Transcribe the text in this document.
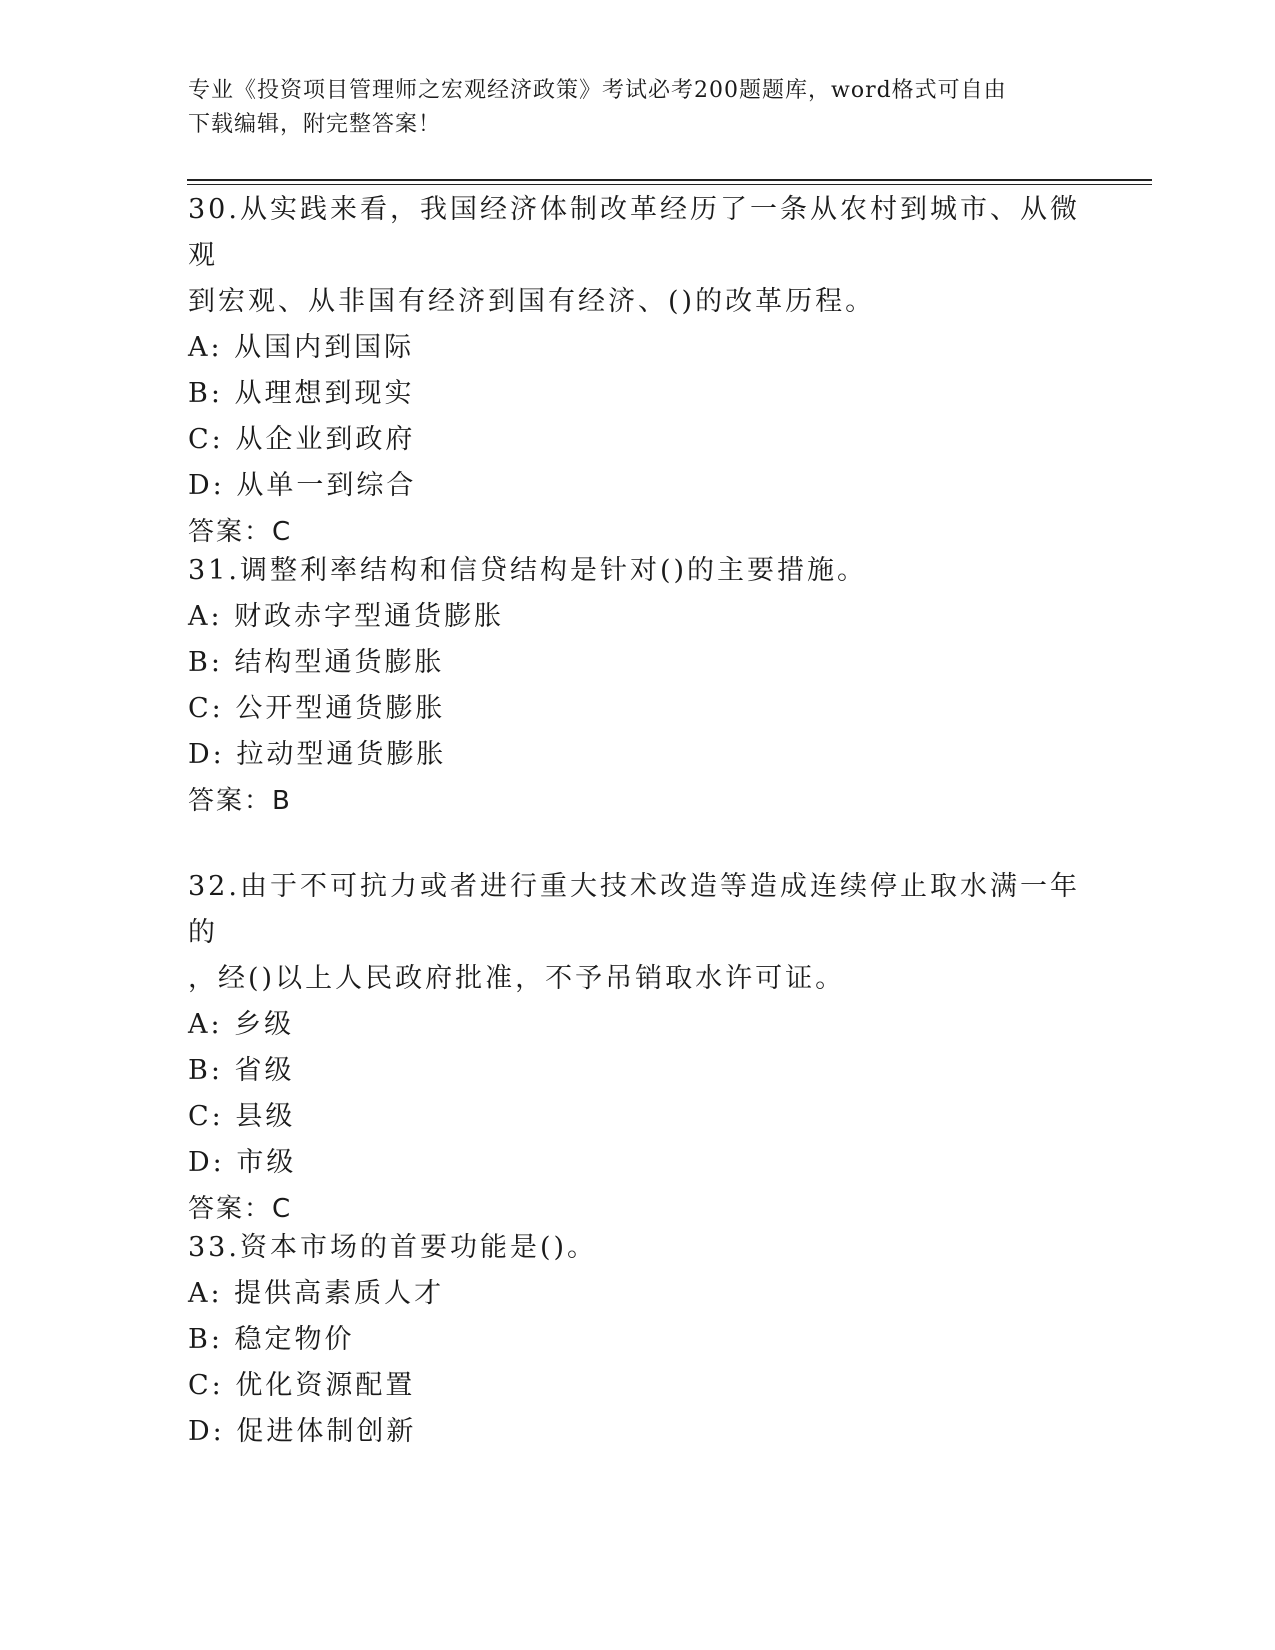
专业《投资项目管理师之宏观经济政策》考试必考200题题库，word格式可自由
下载编辑，附完整答案！

30.从实践来看，我国经济体制改革经历了一条从农村到城市、从微观

到宏观、从非国有经济到国有经济、()的改革历程。

A: 从国内到国际

B: 从理想到现实

C: 从企业到政府

D: 从单一到综合

答案：C

31.调整利率结构和信贷结构是针对()的主要措施。

A: 财政赤字型通货膨胀

B: 结构型通货膨胀

C: 公开型通货膨胀

D: 拉动型通货膨胀

答案：B

32.由于不可抗力或者进行重大技术改造等造成连续停止取水满一年的

，经()以上人民政府批准，不予吊销取水许可证。

A: 乡级

B: 省级

C: 县级

D: 市级

答案：C

33.资本市场的首要功能是()。

A: 提供高素质人才

B: 稳定物价

C: 优化资源配置

D: 促进体制创新
